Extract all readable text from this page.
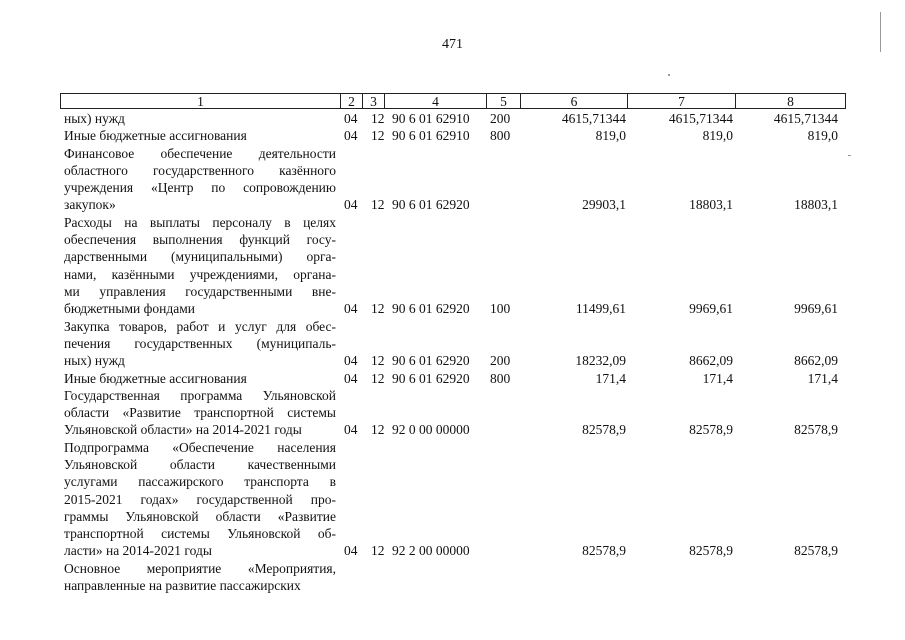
471
1	2	3	4	5	6	7	8
ных) нужд	04 12 90 6 01 62910 200	4615,71344	4615,71344	4615,71344
Иные бюджетные ассигнования	04 12 90 6 01 62910 800	819,0	819,0	819,0
Финансовое обеспечение деятельности
областного государственного казённого
учреждения «Центр по сопровождению
закупок»	04 12 90 6 01 62920	29903,1	18803,1	18803,1
Расходы на выплаты персоналу в целях
обеспечения выполнения функций госу-
дарственными (муниципальными) орга-
нами, казёнными учреждениями, органа-
ми управления государственными вне-
бюджетными фондами	04 12 90 6 01 62920 100	11499,61	9969,61	9969,61
Закупка товаров, работ и услуг для обес-
печения государственных (муниципаль-
ных) нужд	04 12 90 6 01 62920 200	18232,09	8662,09	8662,09
Иные бюджетные ассигнования	04 12 90 6 01 62920 800	171,4	171,4	171,4
Государственная программа Ульяновской
области «Развитие транспортной системы
Ульяновской области» на 2014-2021 годы	04 12 92 0 00 00000	82578,9	82578,9	82578,9
Подпрограмма «Обеспечение населения
Ульяновской области качественными
услугами пассажирского транспорта в
2015-2021 годах» государственной про-
граммы Ульяновской области «Развитие
транспортной системы Ульяновской об-
ласти» на 2014-2021 годы	04 12 92 2 00 00000	82578,9	82578,9	82578,9
Основное мероприятие «Мероприятия,
направленные на развитие пассажирских
